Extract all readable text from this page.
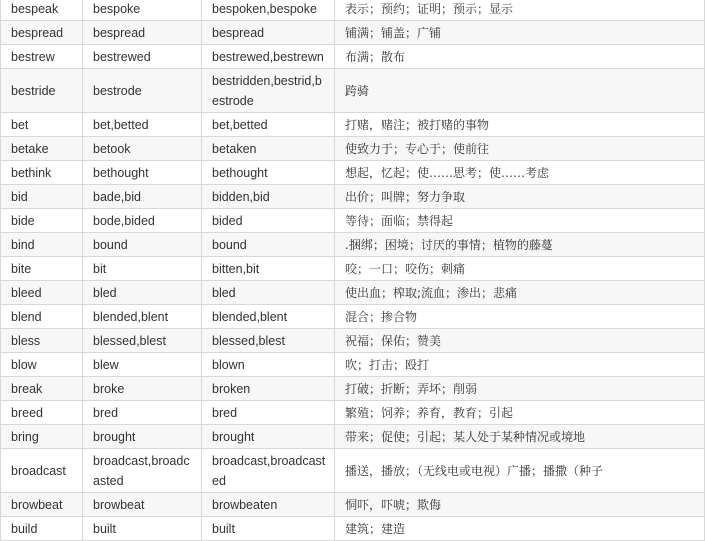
bespeak	bespoke	bespoken,bespoke	表示；预约；证明；预示；显示
bespread	bespread	bespread	铺满；铺盖；广铺
bestrew	bestrewed	bestrewed,bestrewn	布满；散布
bestride	bestrode	bestridden,bestrid,bestrode	跨骑
bet	bet,betted	bet,betted	打赌，赌注；被打赌的事物
betake	betook	betaken	使致力于；专心于；使前往
bethink	bethought	bethought	想起，忆起；使……思考；使……考虑
bid	bade,bid	bidden,bid	出价；叫牌；努力争取
bide	bode,bided	bided	等待；面临；禁得起
bind	bound	bound	.捆绑；困境；讨厌的事情；植物的藤蔓
bite	bit	bitten,bit	咬；一口；咬伤；刺痛
bleed	bled	bled	使出血；榨取;流血；渗出；悲痛
blend	blended,blent	blended,blent	混合；掺合物
bless	blessed,blest	blessed,blest	祝福；保佑；赞美
blow	blew	blown	吹；打击；殴打
break	broke	broken	打破；折断；弄坏；削弱
breed	bred	bred	繁殖；饲养；养育，教育；引起
bring	brought	brought	带来；促使；引起；某人处于某种情况或境地
broadcast	broadcast,broadcasted	broadcast,broadcasted	播送，播放；（无线电或电视）广播；播撒（种子
browbeat	browbeat	browbeaten	恫吓，吓唬；欺侮
build	built	built	建筑；建造
